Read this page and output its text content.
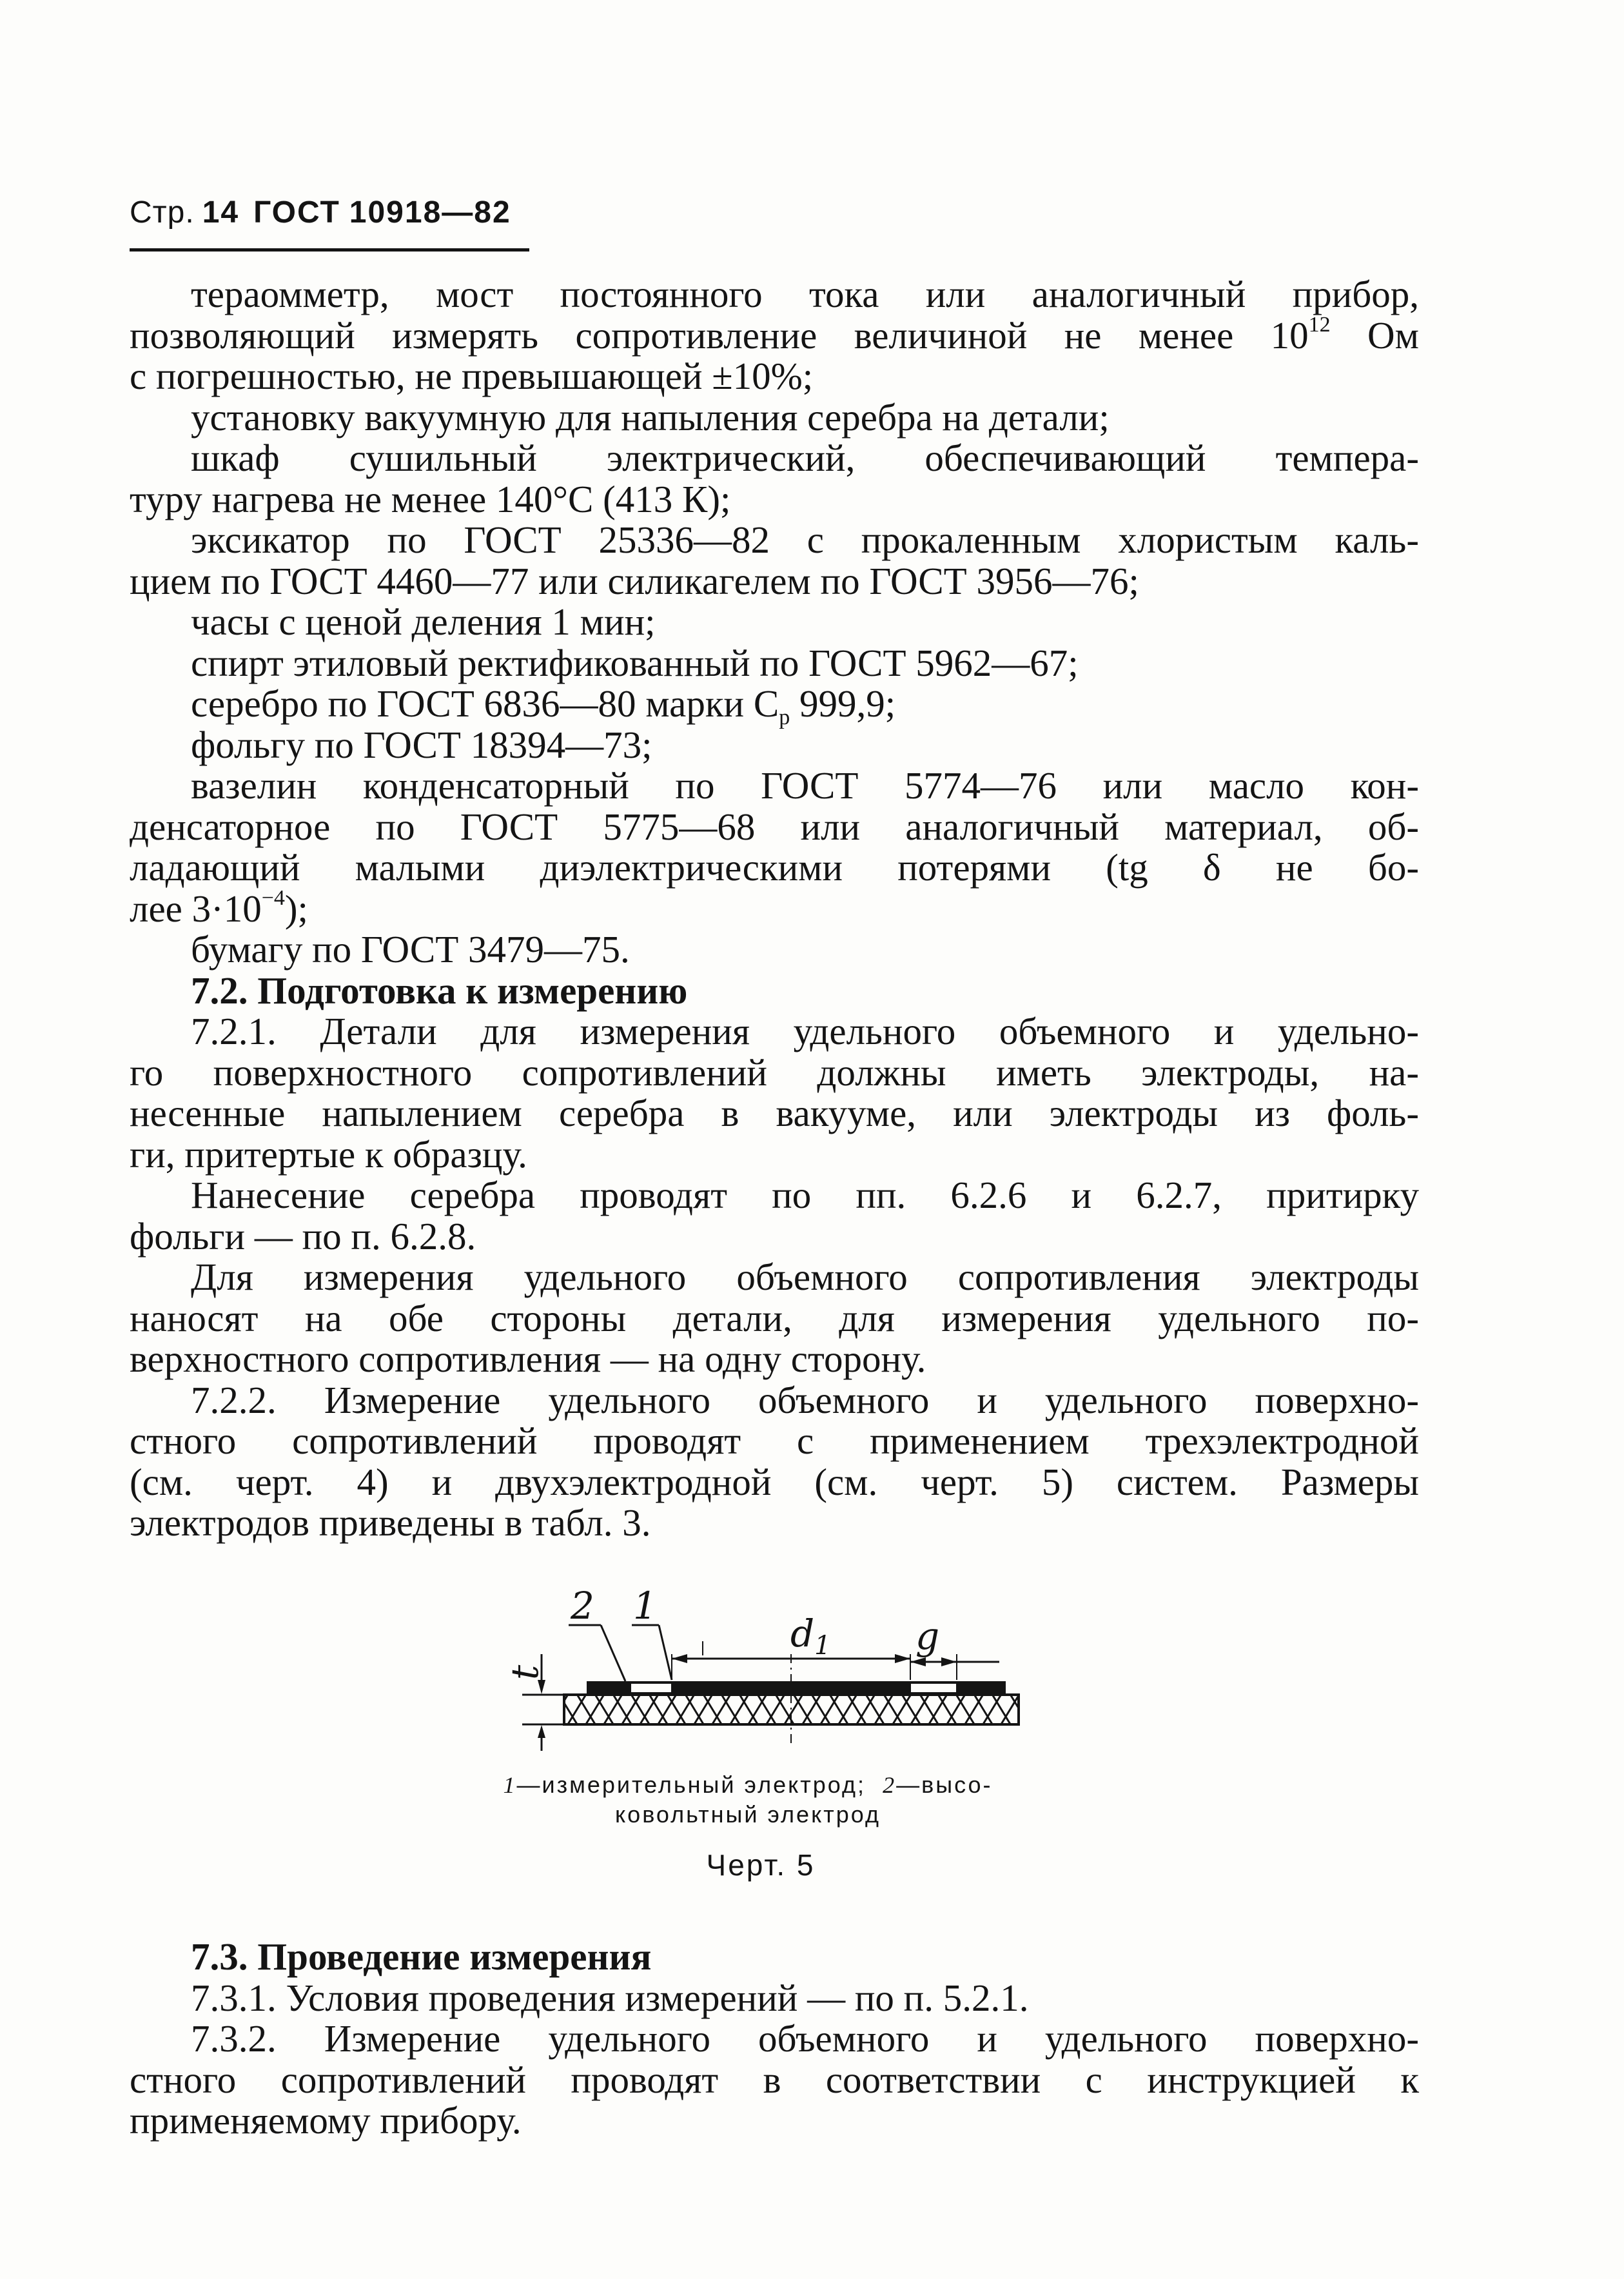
Стр. 14 ГОСТ 10918—82
тераомметр, мост постоянного тока или аналогичный прибор,
позволяющий измерять сопротивление величиной не менее $10^{12}$ Ом
с погрешностью, не превышающей ±10%;
установку вакуумную для напыления серебра на детали;
шкаф сушильный электрический, обеспечивающий темпера-
туру нагрева не менее 140°С (413 К);
эксикатор по ГОСТ 25336—82 с прокаленным хлористым каль-
цием по ГОСТ 4460—77 или силикагелем по ГОСТ 3956—76;
часы с ценой деления 1 мин;
спирт этиловый ректификованный по ГОСТ 5962—67;
серебро по ГОСТ 6836—80 марки $С_р$ 999,9;
фольгу по ГОСТ 18394—73;
вазелин конденсаторный по ГОСТ 5774—76 или масло кон-
денсаторное по ГОСТ 5775—68 или аналогичный материал, об-
ладающий малыми диэлектрическими потерями (tg δ не бо-
лее $3\cdot 10^{-4}$);
бумагу по ГОСТ 3479—75.
7.2. Подготовка к измерению
7.2.1. Детали для измерения удельного объемного и удельно-
го поверхностного сопротивлений должны иметь электроды, на-
несенные напылением серебра в вакууме, или электроды из фоль-
ги, притертые к образцу.
Нанесение серебра проводят по пп. 6.2.6 и 6.2.7, притирку
фольги — по п. 6.2.8.
Для измерения удельного объемного сопротивления электроды
наносят на обе стороны детали, для измерения удельного по-
верхностного сопротивления — на одну сторону.
7.2.2. Измерение удельного объемного и удельного поверхно-
стного сопротивлений проводят с применением трехэлектродной
(см. черт. 4) и двухэлектродной (см. черт. 5) систем. Размеры
электродов приведены в табл. 3.
t
$d_1$ g
2 1
1—измерительный электрод; 2—высо-
ковольтный электрод
Черт. 5
7.3. Проведение измерения
7.3.1. Условия проведения измерений — по п. 5.2.1.
7.3.2. Измерение удельного объемного и удельного поверхно-
стного сопротивлений проводят в соответствии с инструкцией к
применяемому прибору.
